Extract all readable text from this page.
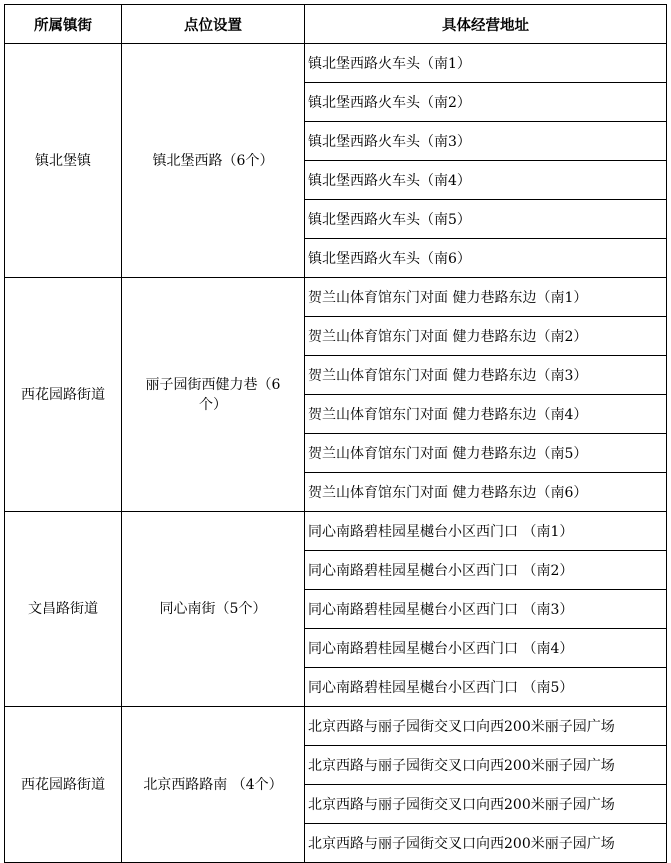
所属镇街	点位设置	具体经营地址
镇北堡镇	镇北堡西路（6个）	镇北堡西路火车头（南1）
		镇北堡西路火车头（南2）
		镇北堡西路火车头（南3）
		镇北堡西路火车头（南4）
		镇北堡西路火车头（南5）
		镇北堡西路火车头（南6）
西花园路街道	丽子园街西健力巷（6个）	贺兰山体育馆东门对面 健力巷路东边（南1）
		贺兰山体育馆东门对面 健力巷路东边（南2）
		贺兰山体育馆东门对面 健力巷路东边（南3）
		贺兰山体育馆东门对面 健力巷路东边（南4）
		贺兰山体育馆东门对面 健力巷路东边（南5）
		贺兰山体育馆东门对面 健力巷路东边（南6）
文昌路街道	同心南街（5个）	同心南路碧桂园星樾台小区西门口 （南1）
		同心南路碧桂园星樾台小区西门口 （南2）
		同心南路碧桂园星樾台小区西门口 （南3）
		同心南路碧桂园星樾台小区西门口 （南4）
		同心南路碧桂园星樾台小区西门口 （南5）
西花园路街道	北京西路路南 （4个）	北京西路与丽子园街交叉口向西200米丽子园广场
		北京西路与丽子园街交叉口向西200米丽子园广场
		北京西路与丽子园街交叉口向西200米丽子园广场
		北京西路与丽子园街交叉口向西200米丽子园广场
